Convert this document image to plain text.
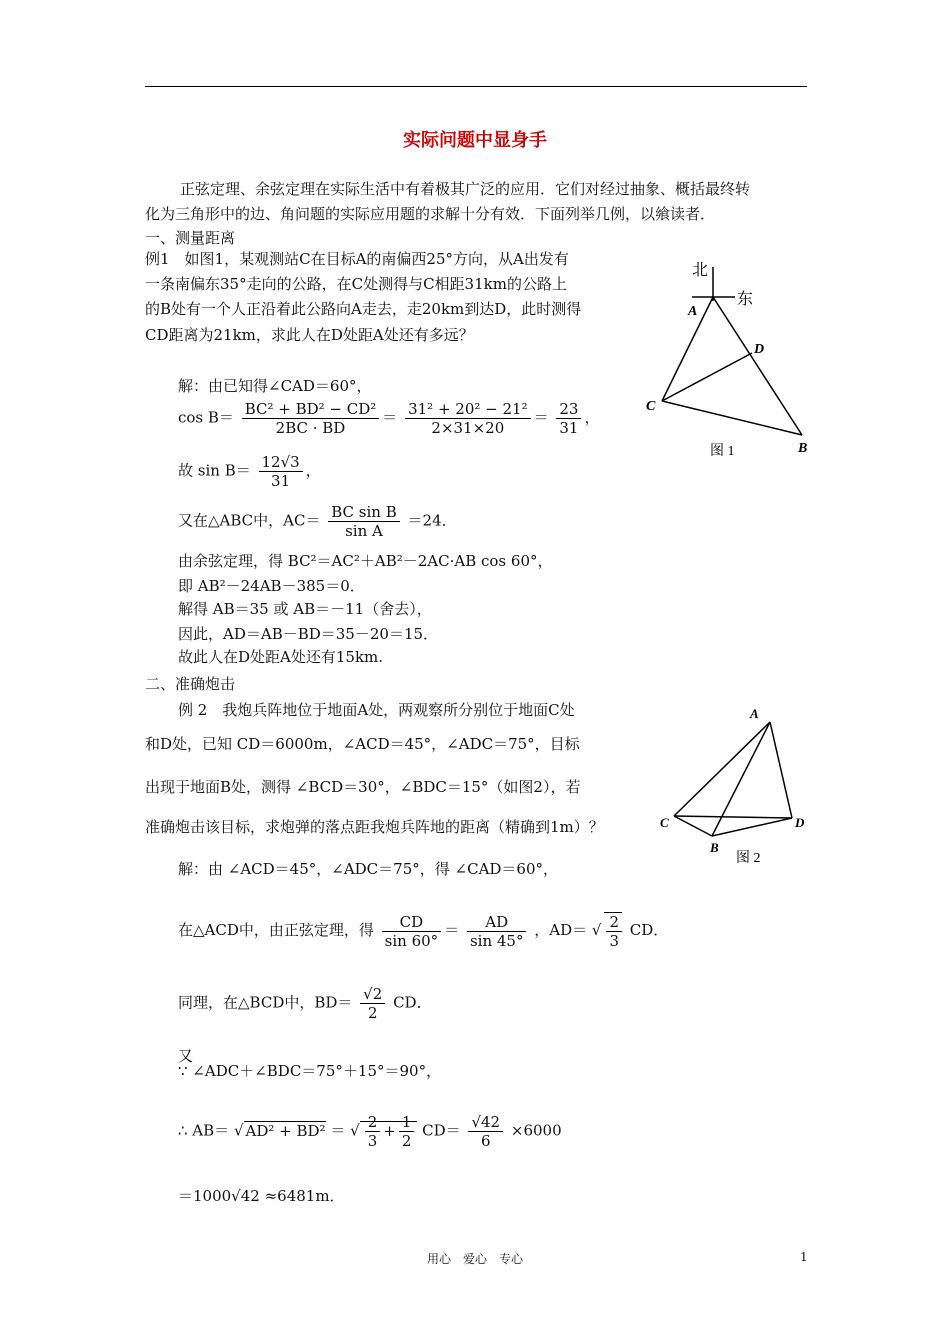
实际问题中显身手
正弦定理、余弦定理在实际生活中有着极其广泛的应用．它们对经过抽象、概括最终转
化为三角形中的边、角问题的实际应用题的求解十分有效．下面列举几例，以飨读者．
一、测量距离
例1　如图1，某观测站C在目标A的南偏西25°方向，从A出发有
一条南偏东35°走向的公路，在C处测得与C相距31km的公路上
的B处有一个人正沿着此公路向A走去，走20km到达D，此时测得
CD距离为21km，求此人在D处距A处还有多远？
解：由已知得∠CAD＝60°，
$\cos B= \frac{\text{BC² + BD² − CD²}}{2BC \cdot BD} = \frac{\text{31² + 20² − 21²}}{2\times 31\times 20} = \frac{23}{31}$ ，
故 $\sin B= \frac{12√3}{31}$ ，
又在△ABC中，$AC= \frac{\text{BC sin B}}{\text{sin A}} =24$．
由余弦定理，得 BC²＝AC²＋AB²－2AC·AB cos 60°，
即 AB²－24AB－385＝0．
解得 AB＝35 或 AB＝－11（舍去），
因此，AD＝AB－BD＝35－20＝15．
故此人在D处距A处还有15km.
北
东
A
D
C
B
图 1
二、准确炮击
例 2　我炮兵阵地位于地面A处，两观察所分别位于地面C处
和D处，已知 CD＝6000m，∠ACD＝45°，∠ADC＝75°，目标
出现于地面B处，测得 ∠BCD＝30°，∠BDC＝15°（如图2），若
准确炮击该目标，求炮弹的落点距我炮兵阵地的距离（精确到1m）？
A
C	D
B
图 2
解：由 ∠ACD＝45°，∠ADC＝75°，得 ∠CAD＝60°，
在△ACD中，由正弦定理，得 $\frac{CD}{\sin 60^\circ} = \frac{AD}{\sin 45^\circ}$ ，AD＝ √ $\frac{2}{3}$ CD．
同理，在△BCD中，$BD= \frac{√2}{2}$ CD．
又
∵ ∠ADC＋∠BDC＝75°＋15°＝90°，
∴ AB＝ √ AD² + BD² ＝ √ $\frac{2}{3} + \frac{1}{2} CD= \frac{√42}{6} \times 6000$
＝1000√42 ≈6481m．
用心　爱心　专心	1
